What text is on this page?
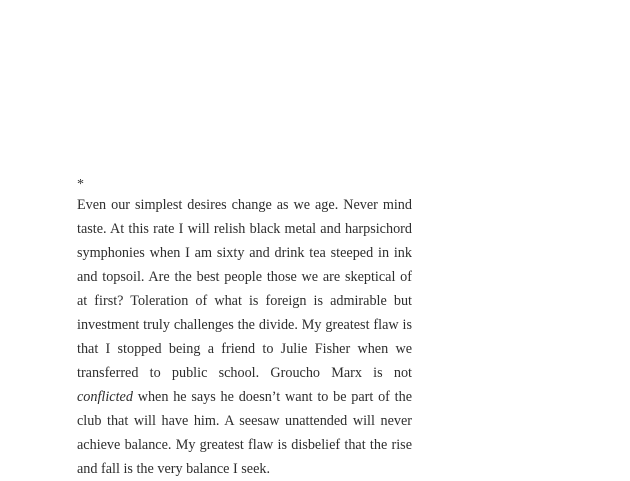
A Perfect Balance
*

Even our simplest desires change as we age. Never mind taste. At this rate I will relish black metal and harpsichord symphonies when I am sixty and drink tea steeped in ink and topsoil. Are the best people those we are skeptical of at first? Toleration of what is foreign is admirable but investment truly challenges the divide. My greatest flaw is that I stopped being a friend to Julie Fisher when we transferred to public school. Groucho Marx is not conflicted when he says he doesn’t want to be part of the club that will have him. A seesaw unattended will never achieve balance. My greatest flaw is disbelief that the rise and fall is the very balance I seek.
